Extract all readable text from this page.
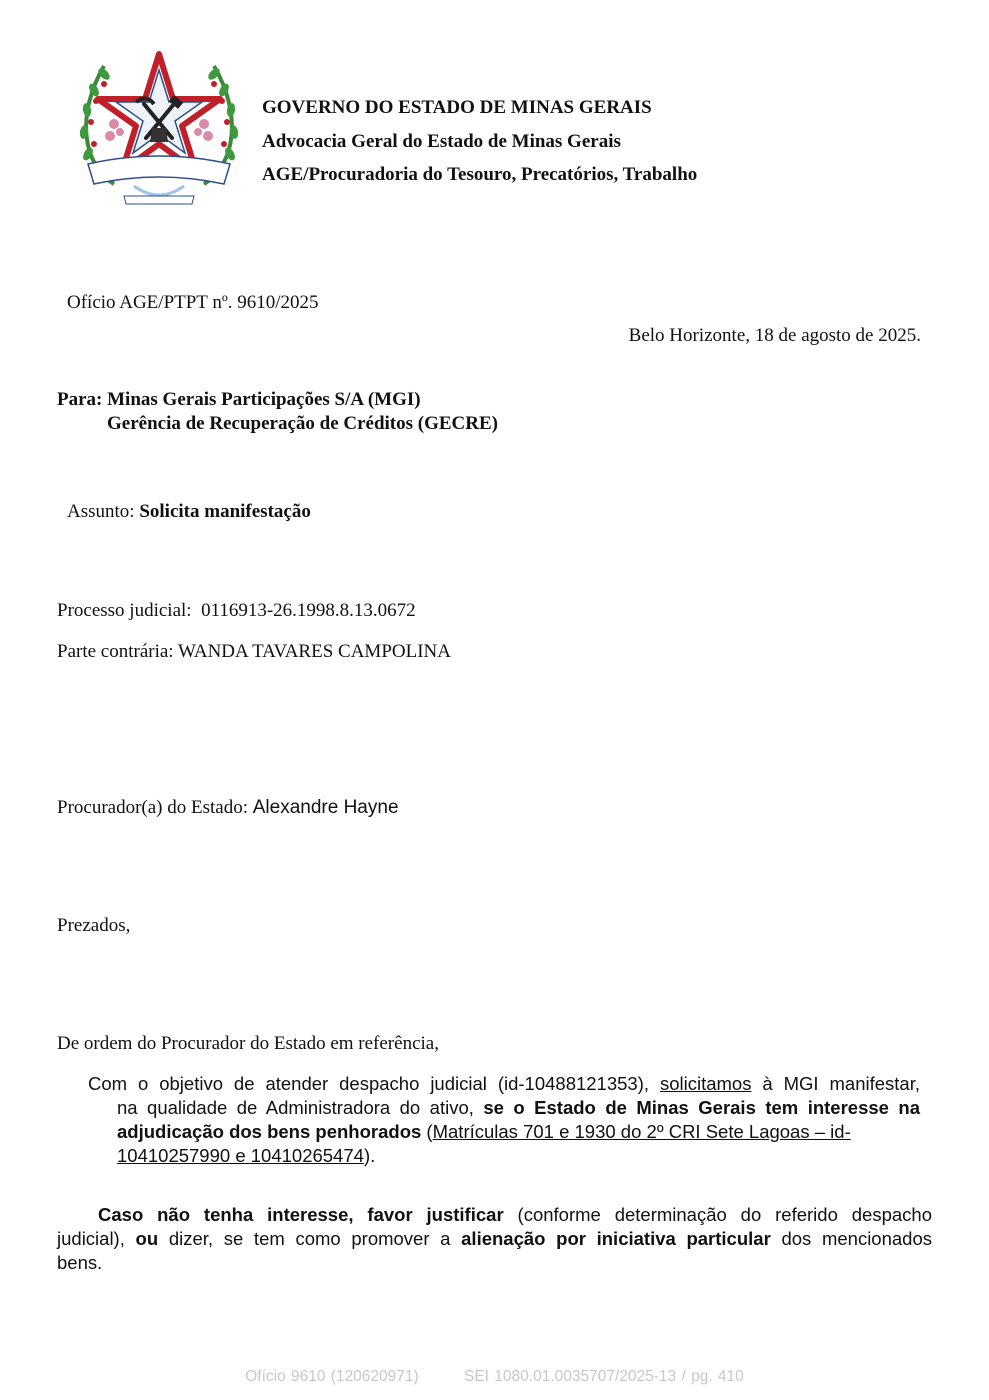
GOVERNO DO ESTADO DE MINAS GERAIS
Advocacia Geral do Estado de Minas Gerais
AGE/Procuradoria do Tesouro, Precatórios, Trabalho
Ofício AGE/PTPT nº. 9610/2025
Belo Horizonte, 18 de agosto de 2025.
Para: Minas Gerais Participações S/A (MGI)
Gerência de Recuperação de Créditos (GECRE)
Assunto: Solicita manifestação
Processo judicial: 0116913-26.1998.8.13.0672
Parte contrária: WANDA TAVARES CAMPOLINA
Procurador(a) do Estado: Alexandre Hayne
Prezados,
De ordem do Procurador do Estado em referência,
Com o objetivo de atender despacho judicial (id-10488121353), solicitamos à MGI manifestar,
na qualidade de Administradora do ativo, se o Estado de Minas Gerais tem interesse na
adjudicação dos bens penhorados (Matrículas 701 e 1930 do 2º CRI Sete Lagoas – id-
10410257990 e 10410265474).
Caso não tenha interesse, favor justificar (conforme determinação do referido despacho
judicial), ou dizer, se tem como promover a alienação por iniciativa particular dos mencionados
bens.
Ofício 9610 (120620971)	SEI 1080.01.0035707/2025-13 / pg. 410
